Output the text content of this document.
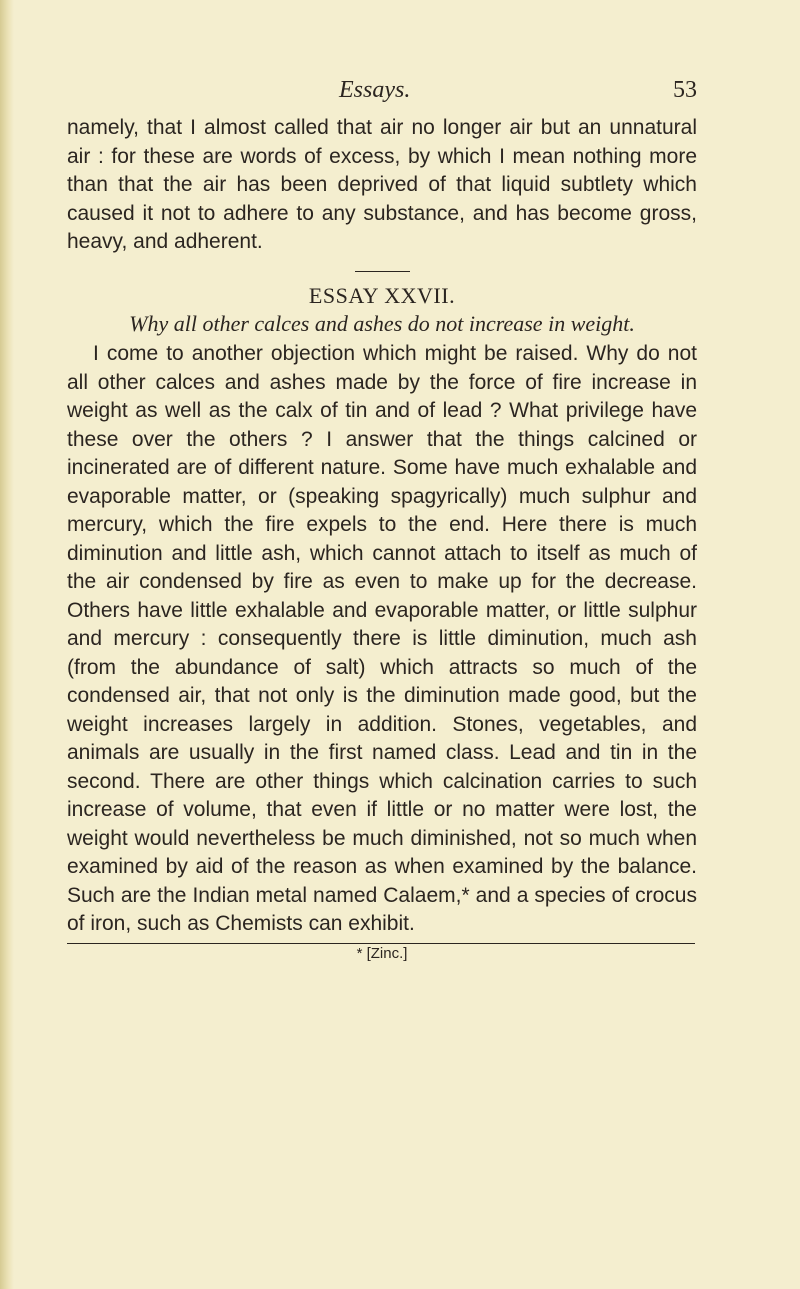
Essays.	53

namely, that I almost called that air no longer air but an unnatural air : for these are words of excess, by which I mean nothing more than that the air has been deprived of that liquid subtlety which caused it not to adhere to any substance, and has become gross, heavy, and adherent.

ESSAY XXVII.
Why all other calces and ashes do not increase in weight.

I come to another objection which might be raised. Why do not all other calces and ashes made by the force of fire increase in weight as well as the calx of tin and of lead ? What privilege have these over the others ? I answer that the things calcined or incinerated are of different nature. Some have much exhalable and evaporable matter, or (speaking spagyrically) much sulphur and mercury, which the fire expels to the end. Here there is much diminution and little ash, which cannot attach to itself as much of the air condensed by fire as even to make up for the decrease. Others have little exhalable and evaporable matter, or little sulphur and mercury : consequently there is little diminution, much ash (from the abundance of salt) which attracts so much of the condensed air, that not only is the diminution made good, but the weight increases largely in addition. Stones, vegetables, and animals are usually in the first named class. Lead and tin in the second. There are other things which calcination carries to such increase of volume, that even if little or no matter were lost, the weight would nevertheless be much diminished, not so much when examined by aid of the reason as when examined by the balance. Such are the Indian metal named Calaem,* and a species of crocus of iron, such as Chemists can exhibit.

* [Zinc.]
